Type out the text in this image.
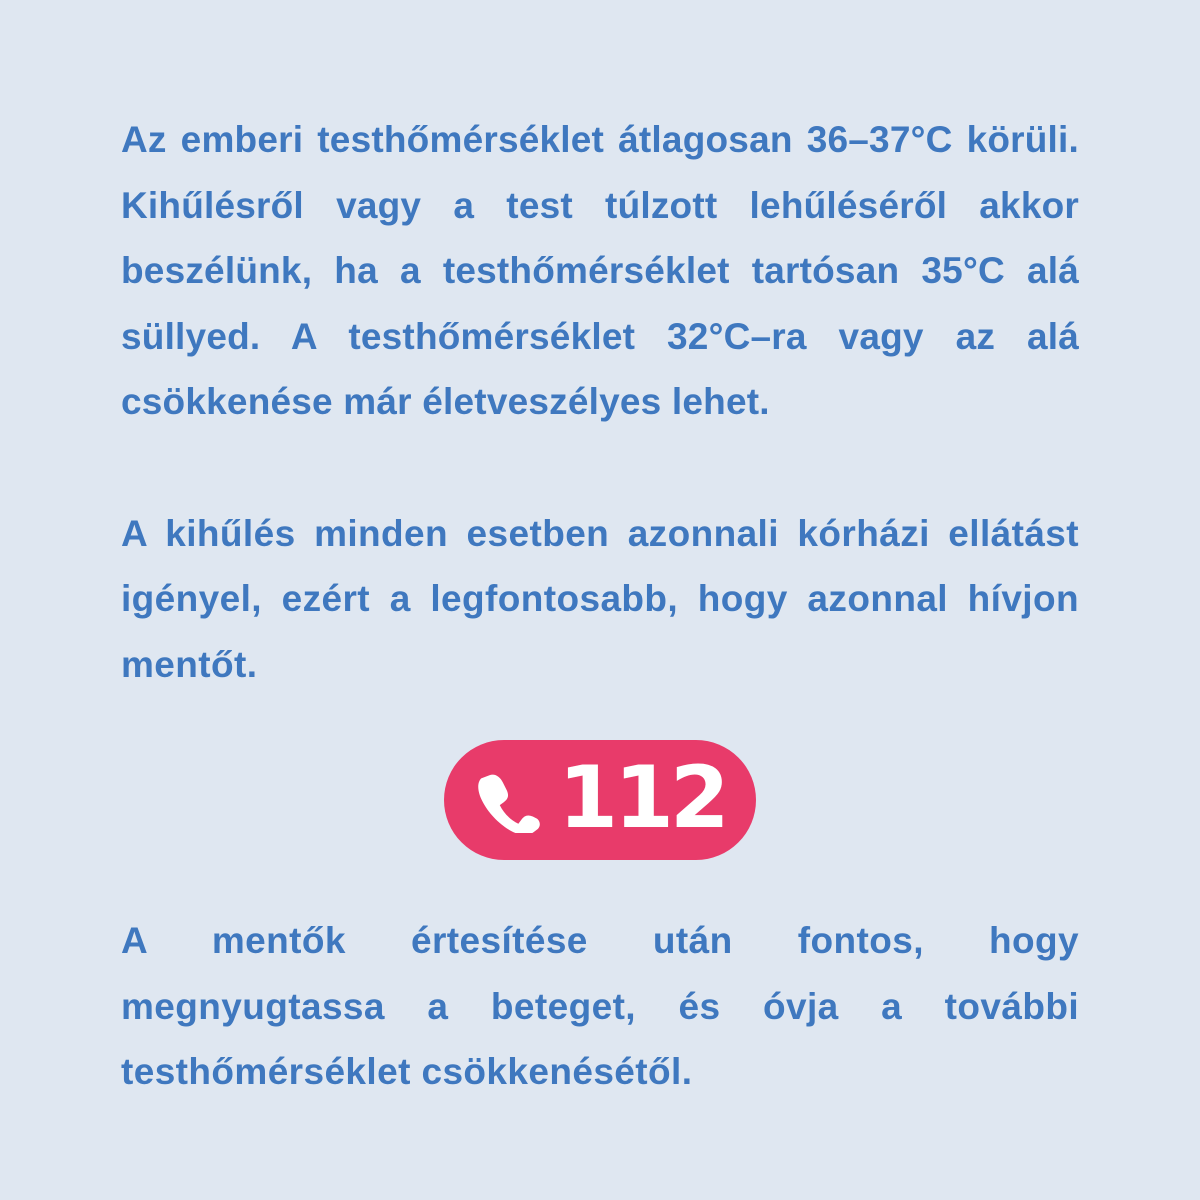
Az emberi testhőmérséklet átlagosan 36–37°C körüli. Kihűlésről vagy a test túlzott lehűléséről akkor beszélünk, ha a testhőmérséklet tartósan 35°C alá süllyed. A testhőmérséklet 32°C–ra vagy az alá csökkenése már életveszélyes lehet.

A kihűlés minden esetben azonnali kórházi ellátást igényel, ezért a legfontosabb, hogy azonnal hívjon mentőt.

112

A mentők értesítése után fontos, hogy megnyugtassa a beteget, és óvja a további testhőmérséklet csökkenésétől.
